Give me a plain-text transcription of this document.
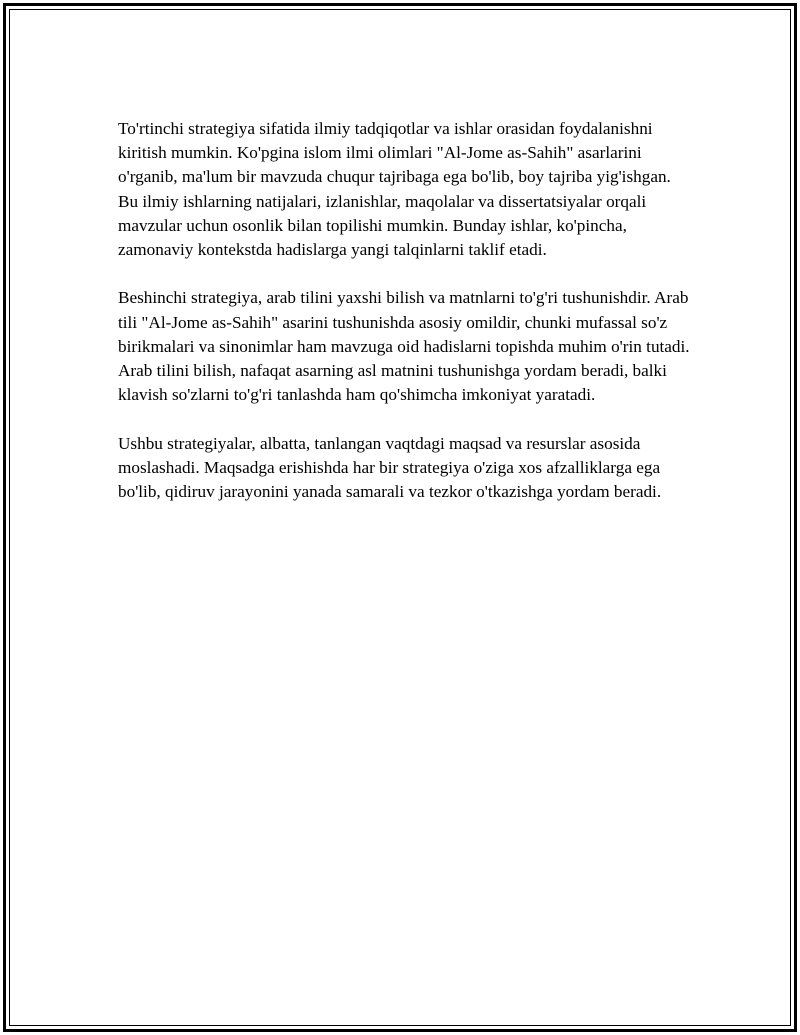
To'rtinchi strategiya sifatida ilmiy tadqiqotlar va ishlar orasidan foydalanishni kiritish mumkin. Ko'pgina islom ilmi olimlari "Al-Jome as-Sahih" asarlarini o'rganib, ma'lum bir mavzuda chuqur tajribaga ega bo'lib, boy tajriba yig'ishgan. Bu ilmiy ishlarning natijalari, izlanishlar, maqolalar va dissertatsiyalar orqali mavzular uchun osonlik bilan topilishi mumkin. Bunday ishlar, ko'pincha, zamonaviy kontekstda hadislarga yangi talqinlarni taklif etadi.

Beshinchi strategiya, arab tilini yaxshi bilish va matnlarni to'g'ri tushunishdir. Arab tili "Al-Jome as-Sahih" asarini tushunishda asosiy omildir, chunki mufassal so'z birikmalari va sinonimlar ham mavzuga oid hadislarni topishda muhim o'rin tutadi. Arab tilini bilish, nafaqat asarning asl matnini tushunishga yordam beradi, balki klavish so'zlarni to'g'ri tanlashda ham qo'shimcha imkoniyat yaratadi.

Ushbu strategiyalar, albatta, tanlangan vaqtdagi maqsad va resurslar asosida moslashadi. Maqsadga erishishda har bir strategiya o'ziga xos afzalliklarga ega bo'lib, qidiruv jarayonini yanada samarali va tezkor o'tkazishga yordam beradi.
